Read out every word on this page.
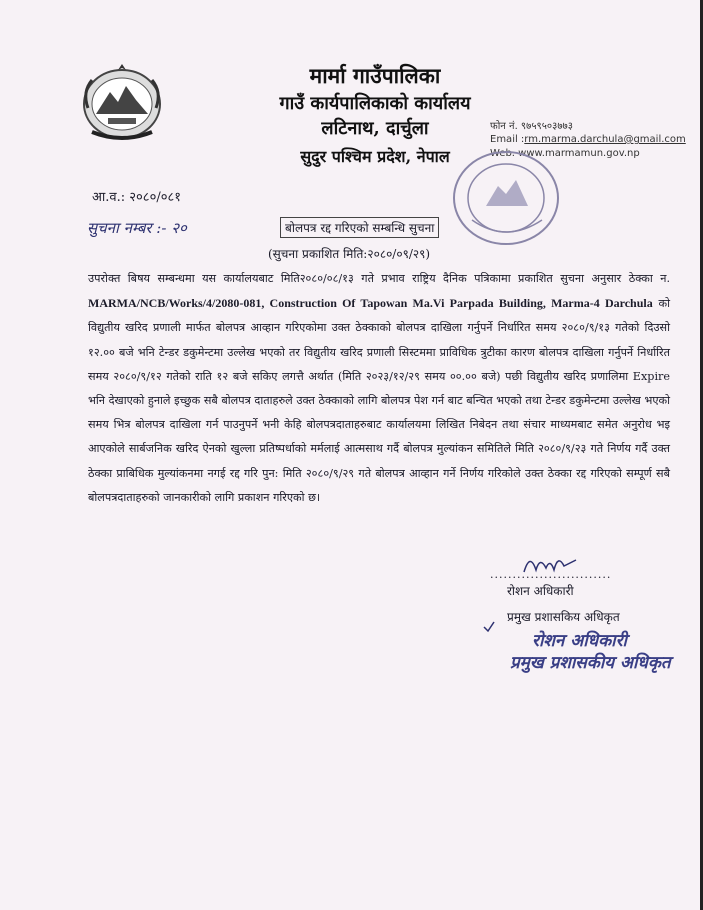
मार्मा गाउँपालिका
गाउँ कार्यपालिकाको कार्यालय
लटिनाथ, दार्चुला
सुदुर पश्चिम प्रदेश, नेपाल
फोन नं. ९७५९५०३७७३
Email :rm.marma.darchula@gmail.com
Web. www.marmamun.gov.np
आ.व.: २०८०/०८१
सुचना नम्बर :- २०	बोलपत्र रद्द गरिएको सम्बन्धि सुचना
(सुचना प्रकाशित मिति:२०८०/०९/२९)
उपरोक्त बिषय सम्बन्धमा यस कार्यालयबाट मिति२०८०/०८/१३ गते प्रभाव राष्ट्रिय दैनिक पत्रिकामा प्रकाशित सुचना अनुसार ठेक्का न. MARMA/NCB/Works/4/2080-081, Construction Of Tapowan Ma.Vi Parpada Building, Marma-4 Darchula को विद्युतीय खरिद प्रणाली मार्फत बोलपत्र आव्हान गरिएकोमा उक्त ठेक्काको बोलपत्र दाखिला गर्नुपर्ने निर्धारित समय २०८०/९/१३ गतेको दिउसो १२.०० बजे भनि टेन्डर डकुमेन्टमा उल्लेख भएको तर विद्युतीय खरिद प्रणाली सिस्टममा प्राविधिक त्रुटीका कारण बोलपत्र दाखिला गर्नुपर्ने निर्धारित समय २०८०/९/१२ गतेको राति १२ बजे सकिए लगत्तै अर्थात (मिति २०२३/१२/२९ समय ००.०० बजे) पछी विद्युतीय खरिद प्रणालिमा Expire भनि देखाएको हुनाले इच्छुक सबै बोलपत्र दाताहरुले उक्त ठेक्काको लागि बोलपत्र पेश गर्न बाट बन्चित भएको तथा टेन्डर डकुमेन्टमा उल्लेख भएको समय भित्र बोलपत्र दाखिला गर्न पाउनुपर्ने भनी केहि बोलपत्रदाताहरुबाट कार्यालयमा लिखित निबेदन तथा संचार माध्यमबाट समेत अनुरोध भइ आएकोले सार्बजनिक खरिद ऐनको खुल्ला प्रतिष्पर्धाको मर्मलाई आत्मसाथ गर्दै बोलपत्र मुल्यांकन समितिले मिति २०८०/९/२३ गते निर्णय गर्दै उक्त ठेक्का प्राबिधिक मुल्यांकनमा नगई रद्द गरि पुन: मिति २०८०/९/२९ गते बोलपत्र आव्हान गर्ने निर्णय गरिकोले उक्त ठेक्का रद्द गरिएको सम्पूर्ण सबै बोलपत्रदाताहरुको जानकारीको लागि प्रकाशन गरिएको छ।
...........................
रोशन अधिकारी
प्रमुख प्रशासकिय अधिकृत
रोशन अधिकारी
प्रमुख प्रशासकीय अधिकृत
